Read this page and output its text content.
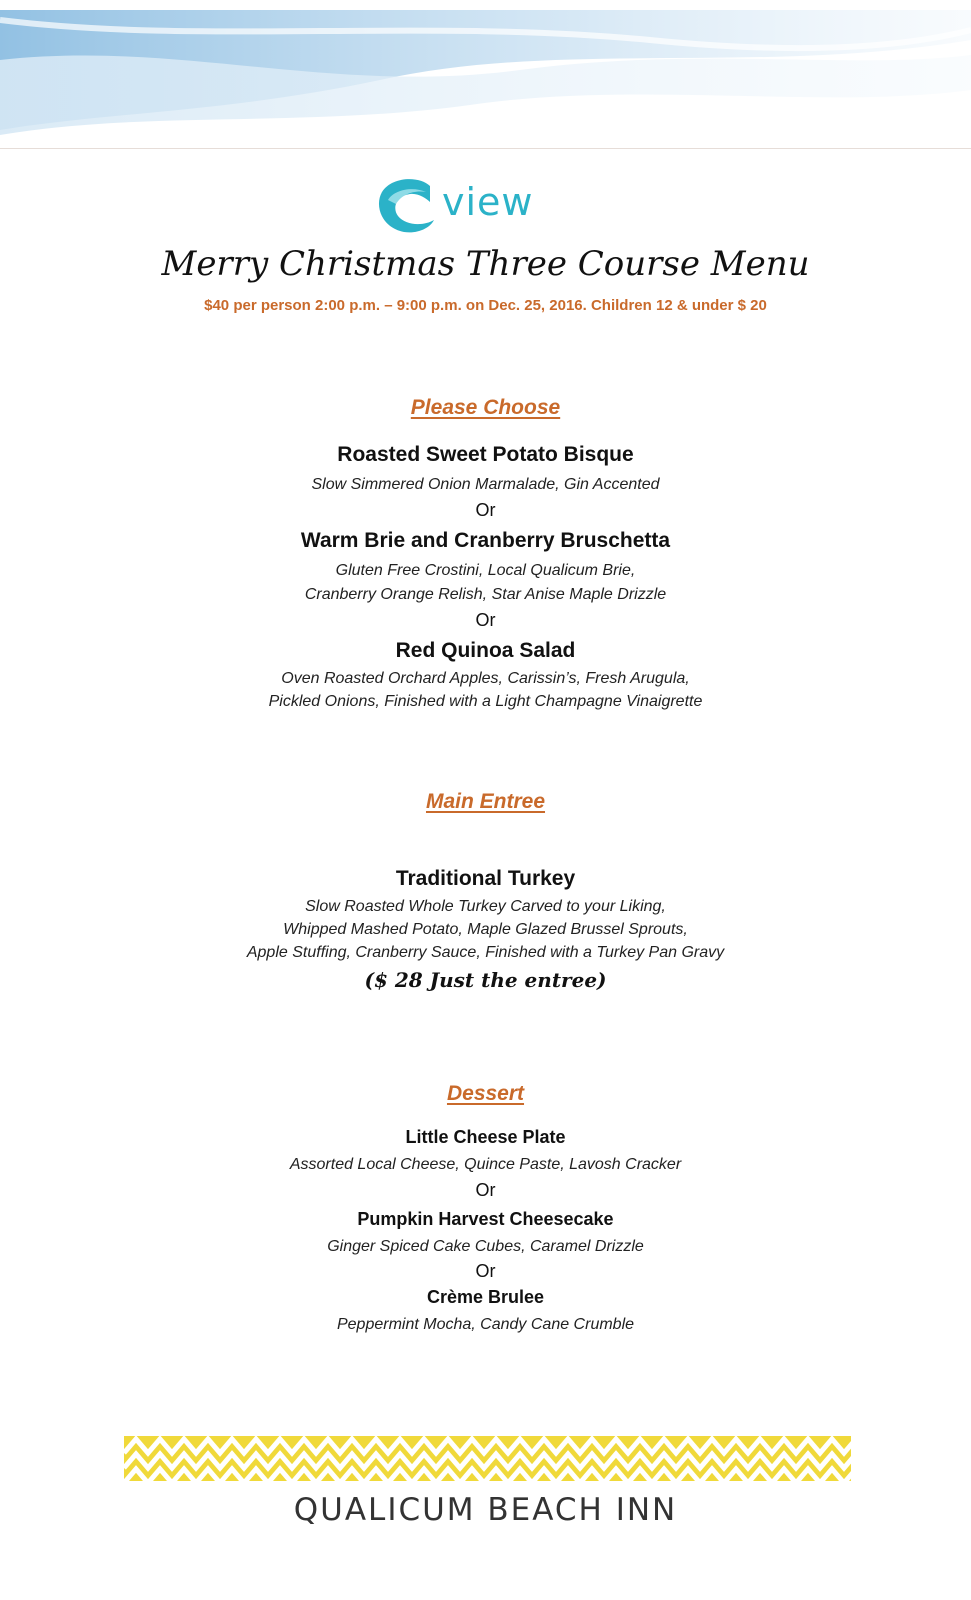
view
Merry Christmas Three Course Menu
$40 per person 2:00 p.m. – 9:00 p.m. on Dec. 25, 2016. Children 12 & under $ 20
Please Choose
Roasted Sweet Potato Bisque
Slow Simmered Onion Marmalade, Gin Accented
Or
Warm Brie and Cranberry Bruschetta
Gluten Free Crostini, Local Qualicum Brie,
Cranberry Orange Relish, Star Anise Maple Drizzle
Or
Red Quinoa Salad
Oven Roasted Orchard Apples, Carissin’s, Fresh Arugula,
Pickled Onions, Finished with a Light Champagne Vinaigrette
Main Entree
Traditional Turkey
Slow Roasted Whole Turkey Carved to your Liking,
Whipped Mashed Potato, Maple Glazed Brussel Sprouts,
Apple Stuffing, Cranberry Sauce, Finished with a Turkey Pan Gravy
($ 28 Just the entree)
Dessert
Little Cheese Plate
Assorted Local Cheese, Quince Paste, Lavosh Cracker
Or
Pumpkin Harvest Cheesecake
Ginger Spiced Cake Cubes, Caramel Drizzle
Or
Crème Brulee
Peppermint Mocha, Candy Cane Crumble
QUALICUM BEACH INN
